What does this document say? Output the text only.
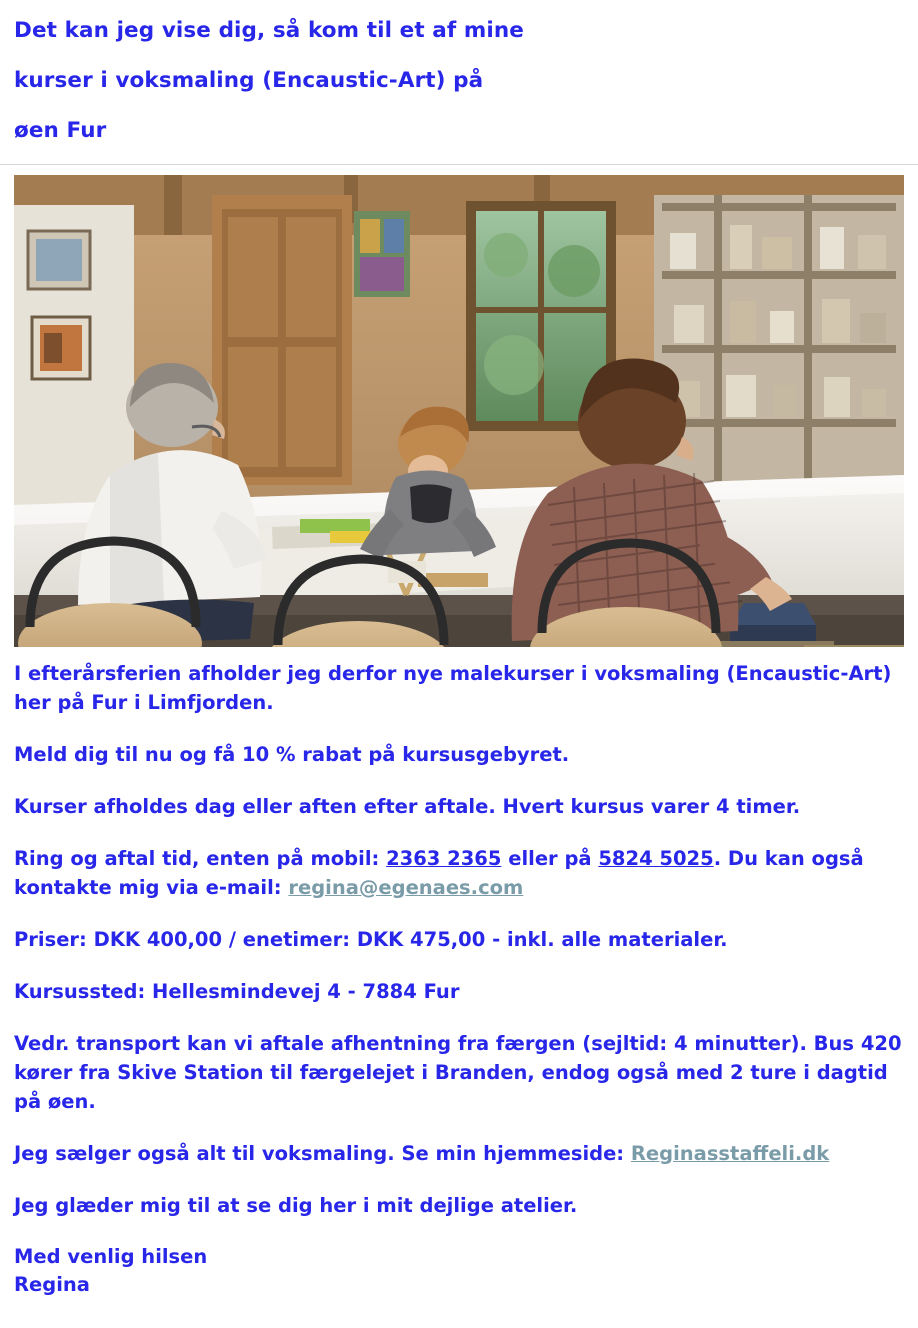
Det kan jeg vise dig, så kom til et af mine

kurser i voksmaling (Encaustic-Art) på

øen Fur

I efterårsferien afholder jeg derfor nye malekurser i voksmaling (Encaustic-Art) her på Fur i Limfjorden.

Meld dig til nu og få 10 % rabat på kursusgebyret.

Kurser afholdes dag eller aften efter aftale. Hvert kursus varer 4 timer.

Ring og aftal tid, enten på mobil: 2363 2365 eller på 5824 5025. Du kan også kontakte mig via e-mail: regina@egenaes.com

Priser: DKK 400,00 / enetimer: DKK 475,00 - inkl. alle materialer.

Kursussted: Hellesmindevej 4 - 7884 Fur

Vedr. transport kan vi aftale afhentning fra færgen (sejltid: 4 minutter). Bus 420 kører fra Skive Station til færgelejet i Branden, endog også med 2 ture i dagtid på øen.

Jeg sælger også alt til voksmaling. Se min hjemmeside: Reginasstaffeli.dk

Jeg glæder mig til at se dig her i mit dejlige atelier.

Med venlig hilsen

Regina
